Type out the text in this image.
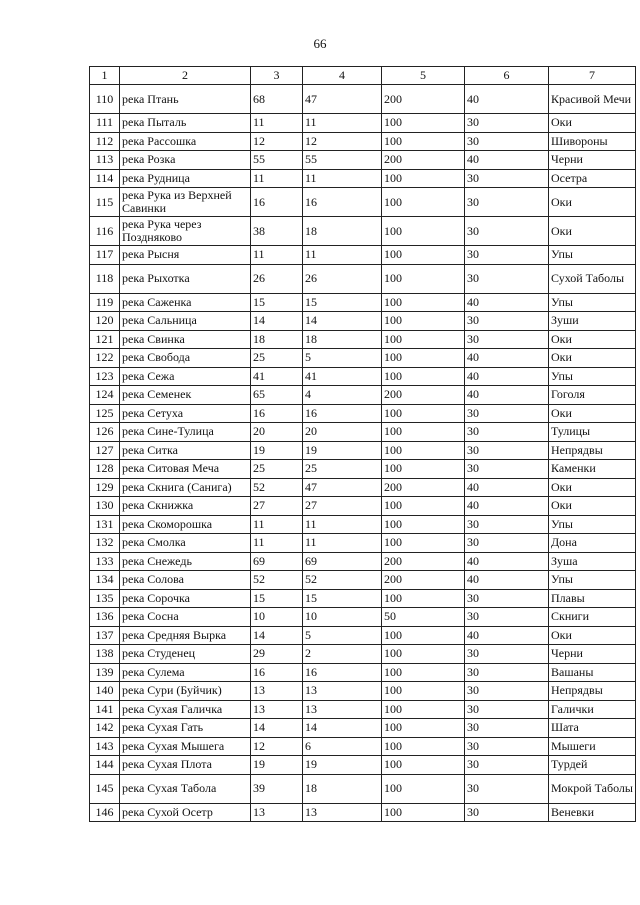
66
1	2	3	4	5	6	7
110	река Птань	68	47	200	40	Красивой Мечи
111	река Пыталь	11	11	100	30	Оки
112	река Рассошка	12	12	100	30	Шивороны
113	река Розка	55	55	200	40	Черни
114	река Рудница	11	11	100	30	Осетра
115	река Рука из Верхней Савинки	16	16	100	30	Оки
116	река Рука через Поздняково	38	18	100	30	Оки
117	река Рысня	11	11	100	30	Упы
118	река Рыхотка	26	26	100	30	Сухой Таболы
119	река Саженка	15	15	100	40	Упы
120	река Сальница	14	14	100	30	Зуши
121	река Свинка	18	18	100	30	Оки
122	река Свобода	25	5	100	40	Оки
123	река Сежа	41	41	100	40	Упы
124	река Семенек	65	4	200	40	Гоголя
125	река Сетуха	16	16	100	30	Оки
126	река Сине-Тулица	20	20	100	30	Тулицы
127	река Ситка	19	19	100	30	Непрядвы
128	река Ситовая Меча	25	25	100	30	Каменки
129	река Скнига (Санига)	52	47	200	40	Оки
130	река Скнижка	27	27	100	40	Оки
131	река Скоморошка	11	11	100	30	Упы
132	река Смолка	11	11	100	30	Дона
133	река Снежедь	69	69	200	40	Зуша
134	река Солова	52	52	200	40	Упы
135	река Сорочка	15	15	100	30	Плавы
136	река Сосна	10	10	50	30	Скниги
137	река Средняя Вырка	14	5	100	40	Оки
138	река Студенец	29	2	100	30	Черни
139	река Сулема	16	16	100	30	Вашаны
140	река Сури (Буйчик)	13	13	100	30	Непрядвы
141	река Сухая Галичка	13	13	100	30	Галички
142	река Сухая Гать	14	14	100	30	Шата
143	река Сухая Мышега	12	6	100	30	Мышеги
144	река Сухая Плота	19	19	100	30	Турдей
145	река Сухая Табола	39	18	100	30	Мокрой Таболы
146	река Сухой Осетр	13	13	100	30	Веневки
